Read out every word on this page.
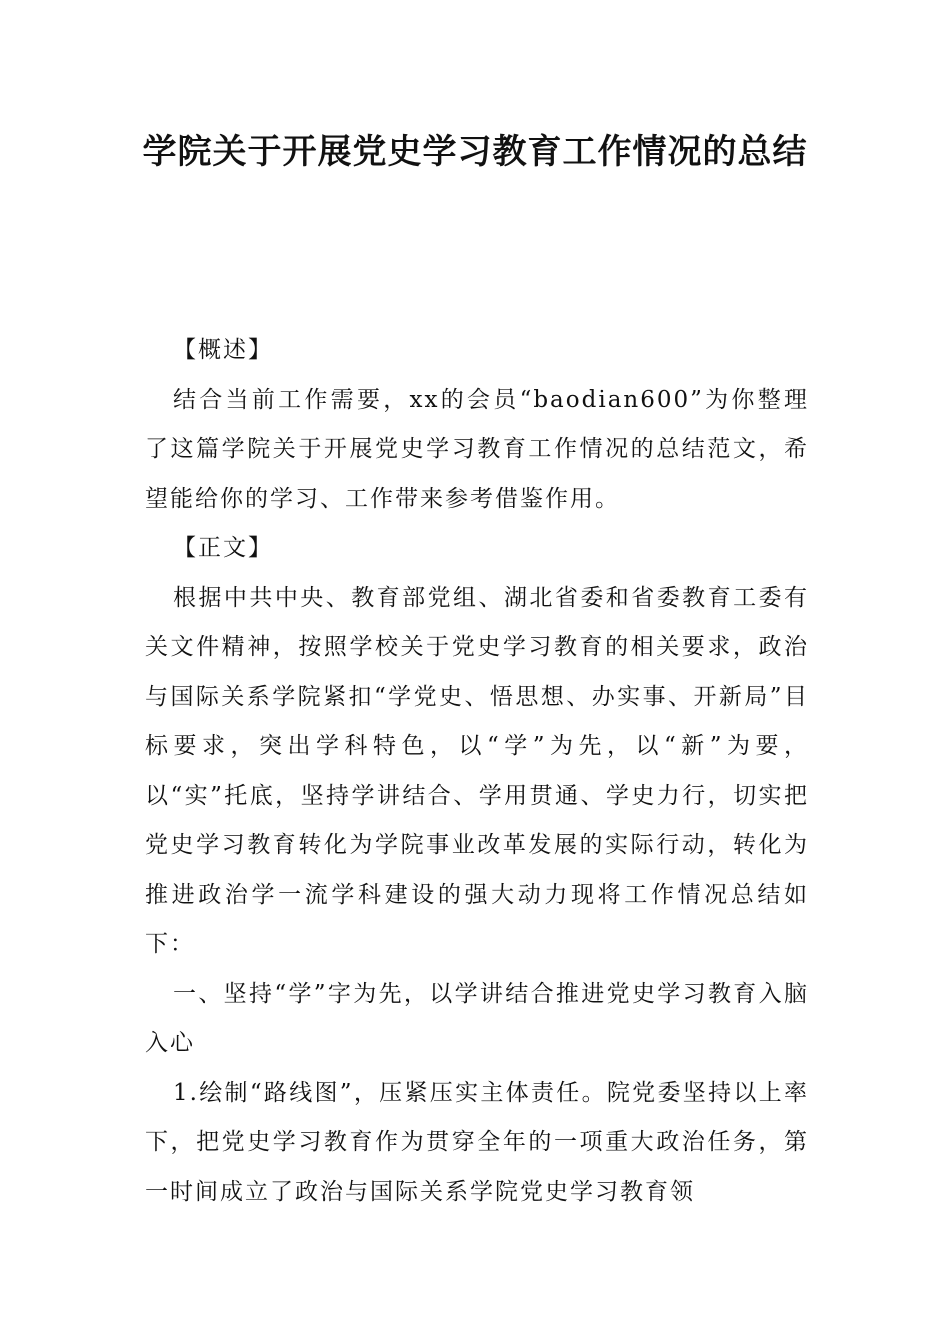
学院关于开展党史学习教育工作情况的总结

【概述】

结合当前工作需要，xx的会员“baodian600”为你整理了这篇学院关于开展党史学习教育工作情况的总结范文，希望能给你的学习、工作带来参考借鉴作用。

【正文】

根据中共中央、教育部党组、湖北省委和省委教育工委有关文件精神，按照学校关于党史学习教育的相关要求，政治与国际关系学院紧扣“学党史、悟思想、办实事、开新局”目标要求，突出学科特色，以“学”为先，以“新”为要，以“实”托底，坚持学讲结合、学用贯通、学史力行，切实把党史学习教育转化为学院事业改革发展的实际行动，转化为推进政治学一流学科建设的强大动力现将工作情况总结如下：

一、坚持“学”字为先，以学讲结合推进党史学习教育入脑入心

1.绘制“路线图”，压紧压实主体责任。院党委坚持以上率下，把党史学习教育作为贯穿全年的一项重大政治任务，第一时间成立了政治与国际关系学院党史学习教育领
